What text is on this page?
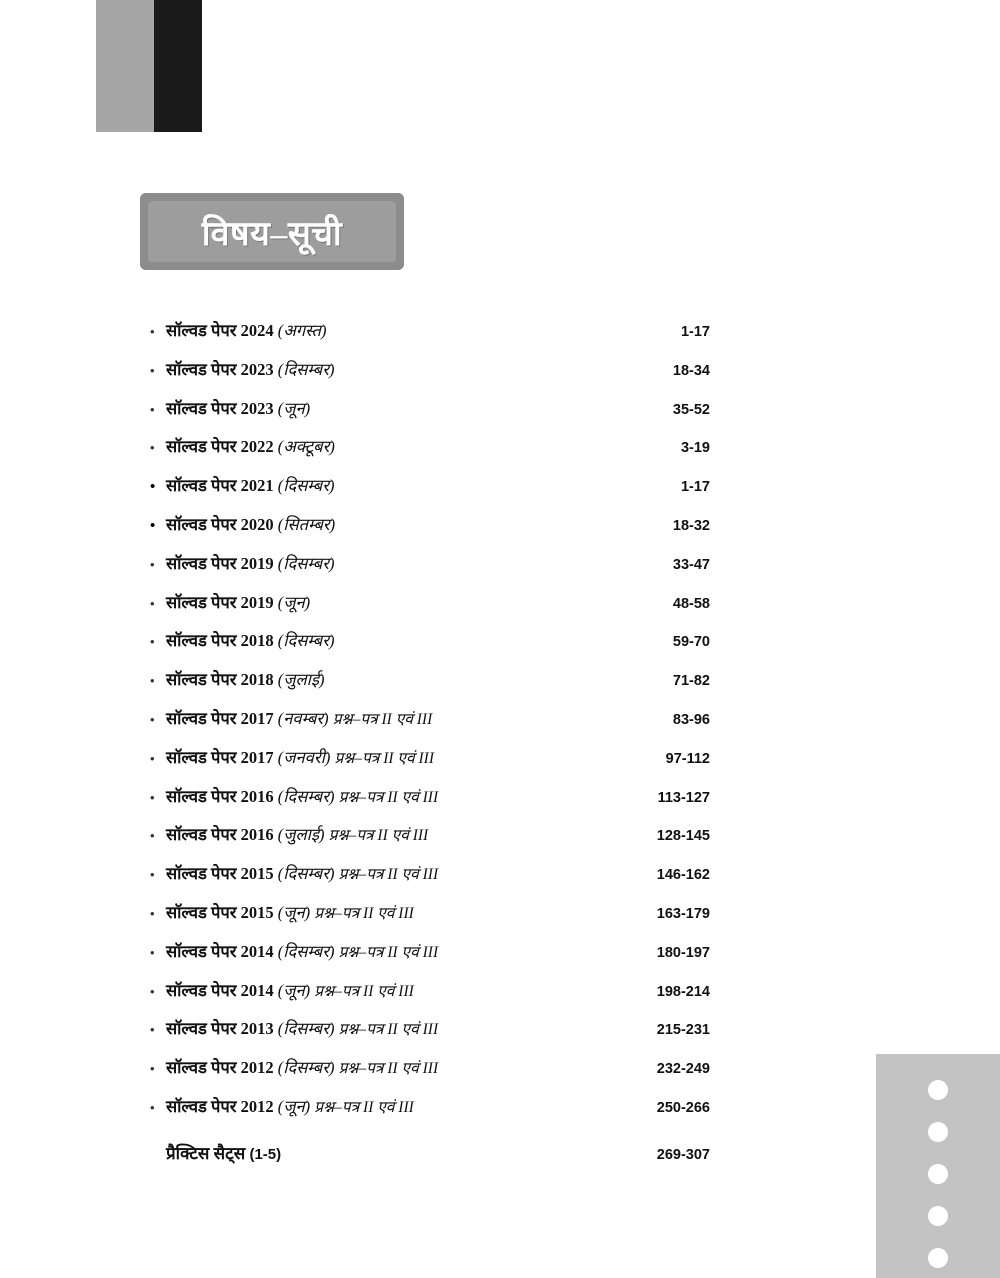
विषय–सूची
• सॉल्वड पेपर 2024 (अगस्त)	1-17
• सॉल्वड पेपर 2023 (दिसम्बर)	18-34
• सॉल्वड पेपर 2023 (जून)	35-52
• सॉल्वड पेपर 2022 (अक्टूबर)	3-19
• सॉल्वड पेपर 2021 (दिसम्बर)	1-17
• सॉल्वड पेपर 2020 (सितम्बर)	18-32
• सॉल्वड पेपर 2019 (दिसम्बर)	33-47
• सॉल्वड पेपर 2019 (जून)	48-58
• सॉल्वड पेपर 2018 (दिसम्बर)	59-70
• सॉल्वड पेपर 2018 (जुलाई)	71-82
• सॉल्वड पेपर 2017 (नवम्बर) प्रश्न–पत्र II एवं III	83-96
• सॉल्वड पेपर 2017 (जनवरी) प्रश्न–पत्र II एवं III	97-112
• सॉल्वड पेपर 2016 (दिसम्बर) प्रश्न–पत्र II एवं III	113-127
• सॉल्वड पेपर 2016 (जुलाई) प्रश्न–पत्र II एवं III	128-145
• सॉल्वड पेपर 2015 (दिसम्बर) प्रश्न–पत्र II एवं III	146-162
• सॉल्वड पेपर 2015 (जून) प्रश्न–पत्र II एवं III	163-179
• सॉल्वड पेपर 2014 (दिसम्बर) प्रश्न–पत्र II एवं III	180-197
• सॉल्वड पेपर 2014 (जून) प्रश्न–पत्र II एवं III	198-214
• सॉल्वड पेपर 2013 (दिसम्बर) प्रश्न–पत्र II एवं III	215-231
• सॉल्वड पेपर 2012 (दिसम्बर) प्रश्न–पत्र II एवं III	232-249
• सॉल्वड पेपर 2012 (जून) प्रश्न–पत्र II एवं III	250-266
प्रैक्टिस सैट्स (1-5)	269-307
